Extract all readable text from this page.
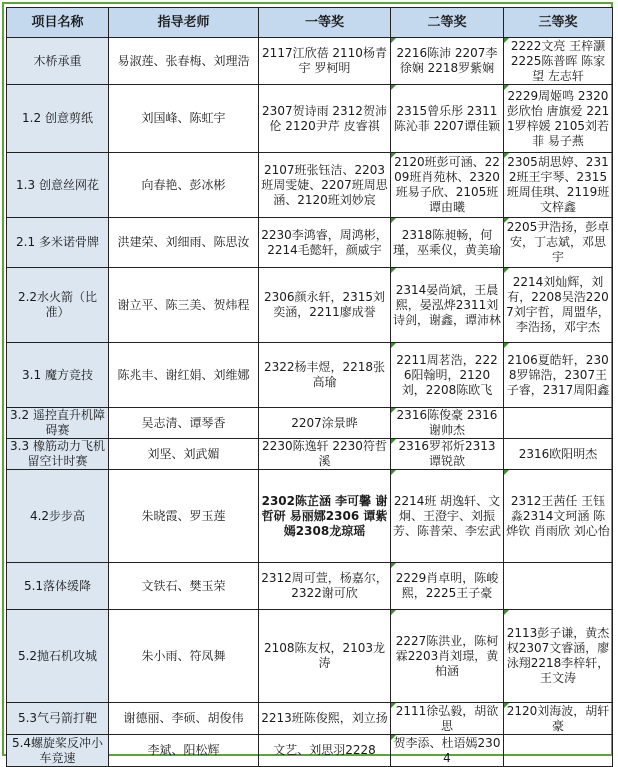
项目名称	指导老师	一等奖	二等奖	三等奖
木桥承重	易淑莲、张春梅、刘理浩	2117江欣蓓 2110杨青宇 罗柯明	2216陈沛 2207李徐娴 2218罗紫娴	2222文亮 王梓灏 2225陈普晖 陈家望 左志轩
1.2 创意剪纸	刘国峰、陈虹宇	2307贺诗雨 2312贺沛伦 2120尹芹 皮睿祺	2315曾乐彤 2311陈沁菲 2207谭佳颖	2229周姬鸣 2320彭欣怡 唐旗爱 2211罗梓媛 2105刘若菲 易子燕
1.3 创意丝网花	向春艳、彭冰彬	2107班张钰洁、2203班周雯婕、2207班周思涵、2120班刘妙宸	2120班彭可涵、2209班肖苑林、2320班易子欣、2105班谭由曦	2305胡思婷、2312班王宇琴、2315班周佳琪、2119班文梓鑫
2.1 多米诺骨牌	洪建荣、刘细雨、陈思汝	2230李鸿睿，周鸿彬，2214毛懿轩，颜威宇	2318陈昶畅，何瑾，巫乘仪，黄美瑜	2205尹浩扬，彭卓安，丁志斌，邓思宇
2.2水火箭（比准）	谢立平、陈三美、贺炜程	2306颜永轩，2315刘奕涵，2211廖成誉	2314晏尚斌，王晨熙，晏泓烨2311刘诗剑，谢鑫，谭沛林	2214刘灿辉，刘有，2208吴浩2207刘宇哲，周盟华，李浩扬，邓宇杰
3.1 魔方竞技	陈兆丰、谢红娟、刘维娜	2322杨丰煜，2218张高瑜	2211周茗浩，2226阳翰明，2120刘，2208陈欧飞	2106夏皓轩，2308罗锦浩，2307王子睿，2317周阳鑫
3.2 遥控直升机障碍赛	吴志清、谭琴香	2207涂景晔	2316陈俊豪 2316谢帅杰	
3.3 橡筋动力飞机留空计时赛	刘坚、刘武媚	2230陈逸轩 2230符哲溪	2316罗祁炘2313谭锐歆	2316欧阳明杰
4.2步步高	朱晓霞、罗玉莲	2302陈芷涵 李可馨 谢哲研 易丽娜2306 谭紫嫣2308龙琼瑶	2214班 胡逸轩、文炯、王澄宇、刘振芳、陈普荣、李宏武	2312王茜任 王钰淼2314文珂涵 陈烨钦 肖雨欣 刘心怡
5.1落体缓降	文铁石、樊玉荣	2312周可萱，杨嘉尔，2322谢可欣	2229肖卓明，陈峻熙，2225王子豪	
5.2抛石机攻城	朱小雨、符凤舞	2108陈友权，2103龙涛	2227陈洪业，陈柯霖2203肖刘璟，黄柏涵	2113彭子谦，黄杰权2307文睿涵，廖泳翔2218李梓轩，王文涛
5.3气弓箭打靶	谢德丽、李硕、胡俊伟	2213班陈俊熙，刘立扬	2111徐弘毅，胡欲思	2120刘海波，胡轩豪
5.4螺旋桨反冲小车竞速	李斌、阳松辉	文艺、刘思羽2228	贺李添、杜语嫣2304	
